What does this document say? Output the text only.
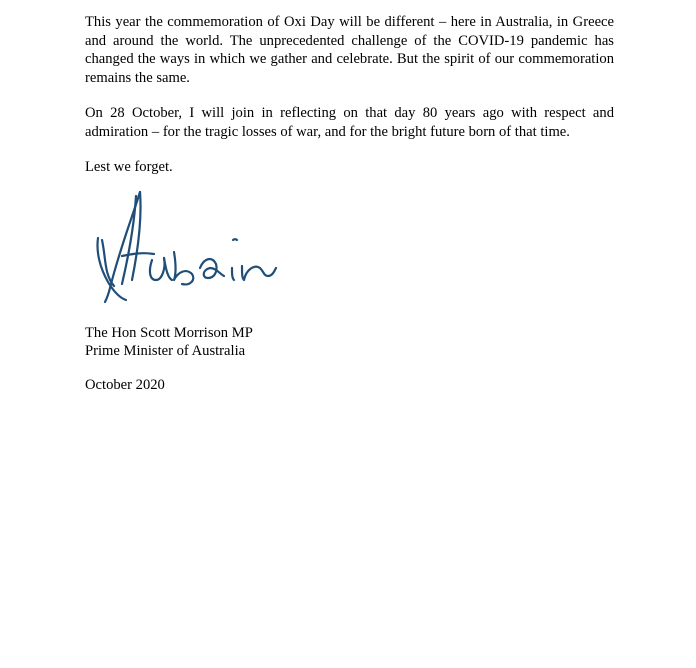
This year the commemoration of Oxi Day will be different – here in Australia, in Greece and around the world. The unprecedented challenge of the COVID-19 pandemic has changed the ways in which we gather and celebrate. But the spirit of our commemoration remains the same.

On 28 October, I will join in reflecting on that day 80 years ago with respect and admiration – for the tragic losses of war, and for the bright future born of that time.

Lest we forget.

The Hon Scott Morrison MP

Prime Minister of Australia

October 2020
